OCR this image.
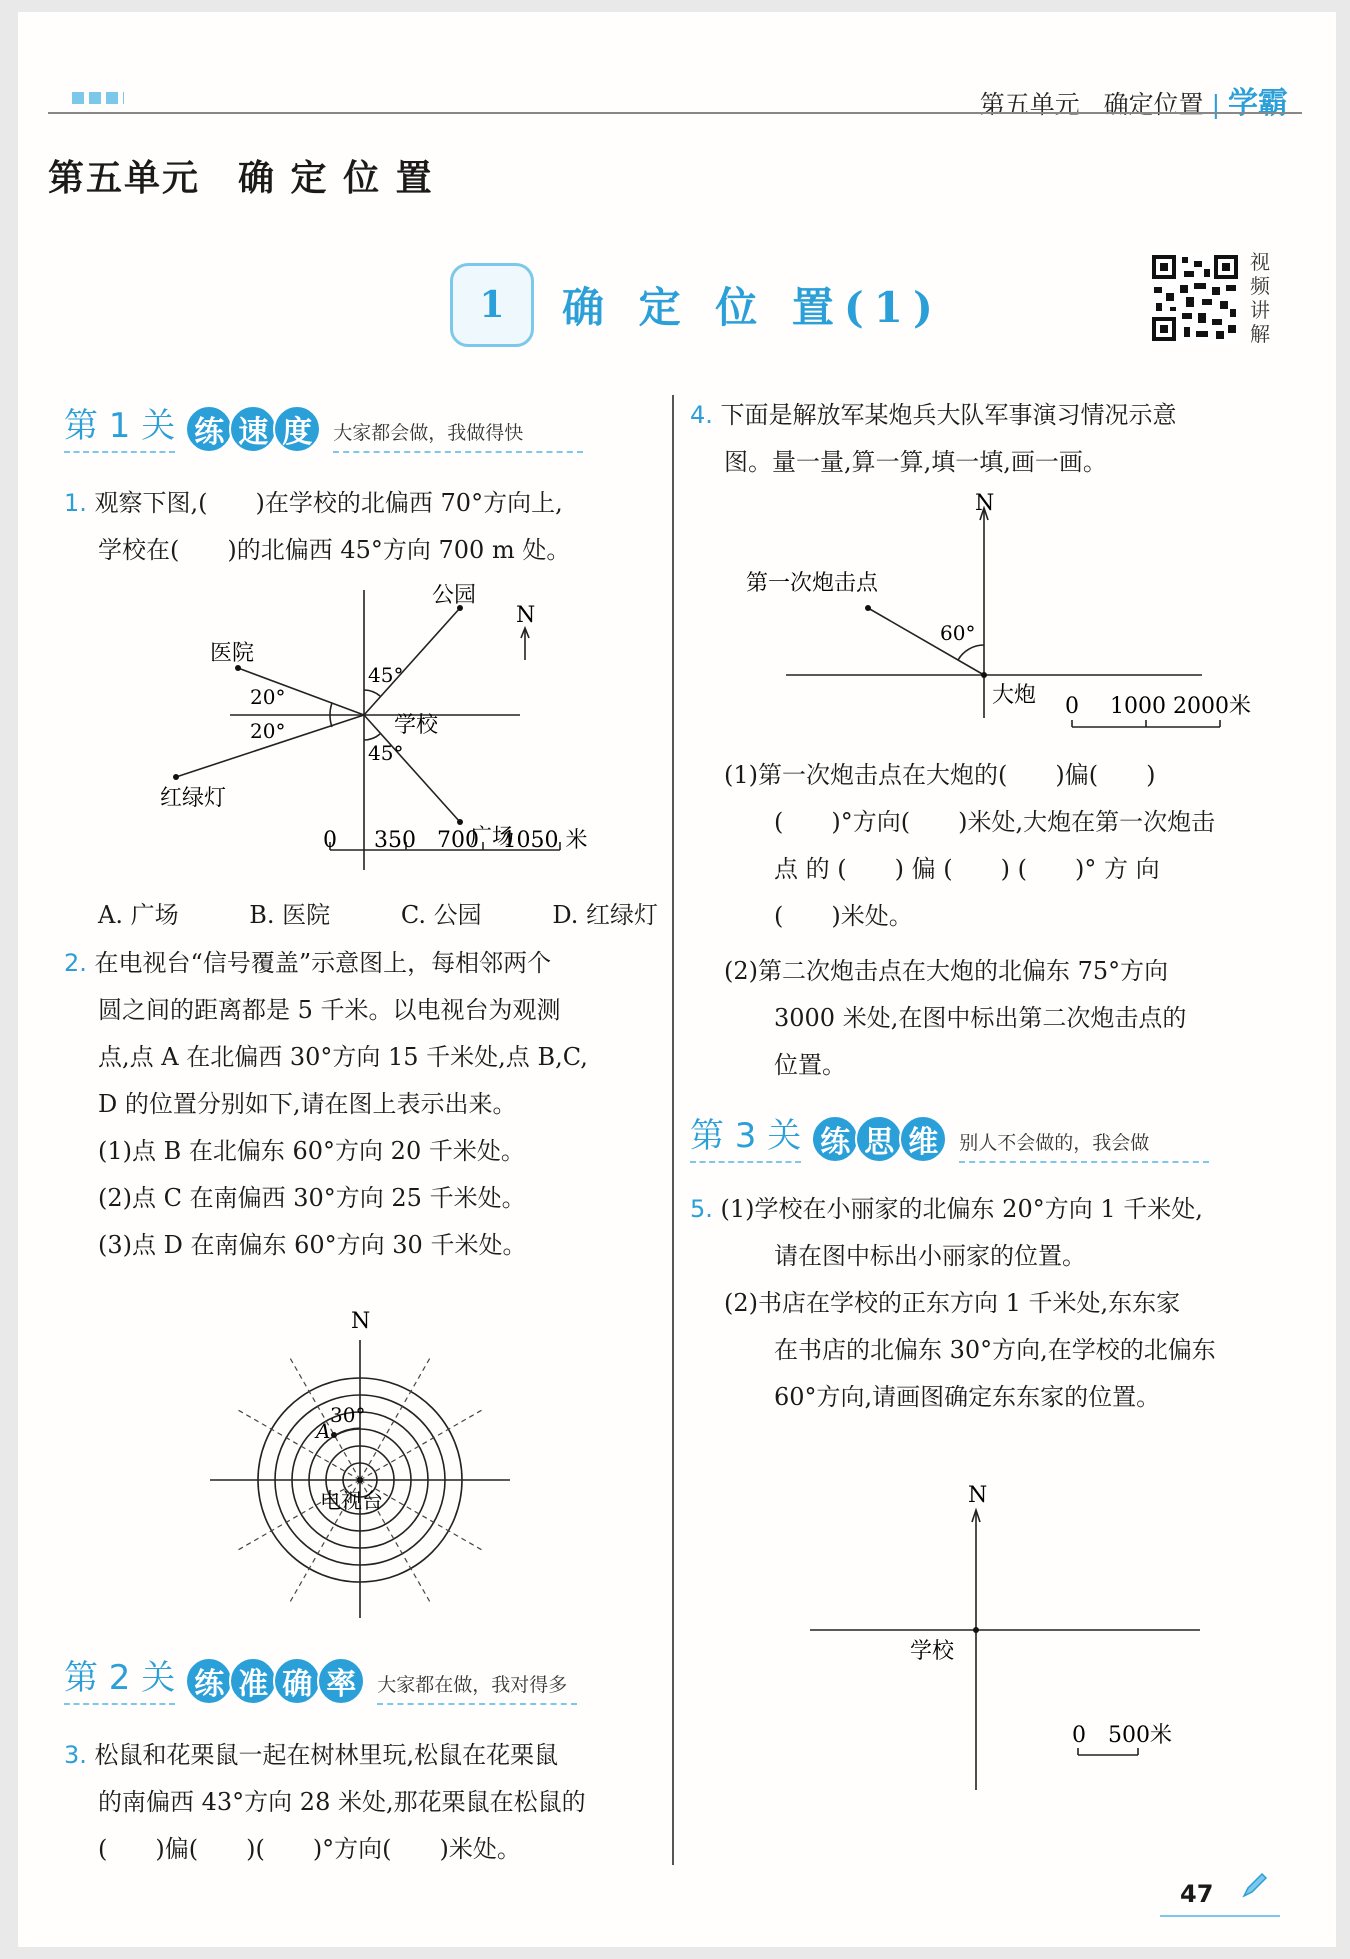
第五单元 确定位置 | 学霸
第五单元　确 定 位 置
1	确 定 位 置(1)
视
频
讲
解
第 1 关 练 速 度	大家都会做，我做得快
1. 观察下图,(　　)在学校的北偏西 70°方向上,
学校在(　　)的北偏西 45°方向 700 m 处。
公园
医院
学校
红绿灯
广场
N
45°
45°
20°
20°
0 350 700 1050 米
A. 广场	B. 医院	C. 公园	D. 红绿灯
2. 在电视台“信号覆盖”示意图上，每相邻两个
圆之间的距离都是 5 千米。以电视台为观测
点,点 A 在北偏西 30°方向 15 千米处,点 B,C,
D 的位置分别如下,请在图上表示出来。
(1)点 B 在北偏东 60°方向 20 千米处。
(2)点 C 在南偏西 30°方向 25 千米处。
(3)点 D 在南偏东 60°方向 30 千米处。
N
A
30°
电视台
第 2 关 练 准 确 率	大家都在做，我对得多
3. 松鼠和花栗鼠一起在树林里玩,松鼠在花栗鼠
的南偏西 43°方向 28 米处,那花栗鼠在松鼠的
(　　)偏(　　)(　　)°方向(　　)米处。
4. 下面是解放军某炮兵大队军事演习情况示意
图。量一量,算一算,填一填,画一画。
N
第一次炮击点
60°
大炮 0 1000 2000米
(1)第一次炮击点在大炮的(　　)偏(　　)
(　　)°方向(　　)米处,大炮在第一次炮击
点 的 (　　) 偏 (　　) (　　)° 方 向
(　　)米处。
(2)第二次炮击点在大炮的北偏东 75°方向
3000 米处,在图中标出第二次炮击点的
位置。
第 3 关 练 思 维	别人不会做的，我会做
5. (1)学校在小丽家的北偏东 20°方向 1 千米处,
请在图中标出小丽家的位置。
(2)书店在学校的正东方向 1 千米处,东东家
在书店的北偏东 30°方向,在学校的北偏东
60°方向,请画图确定东东家的位置。
N
学校
0 500米
47
